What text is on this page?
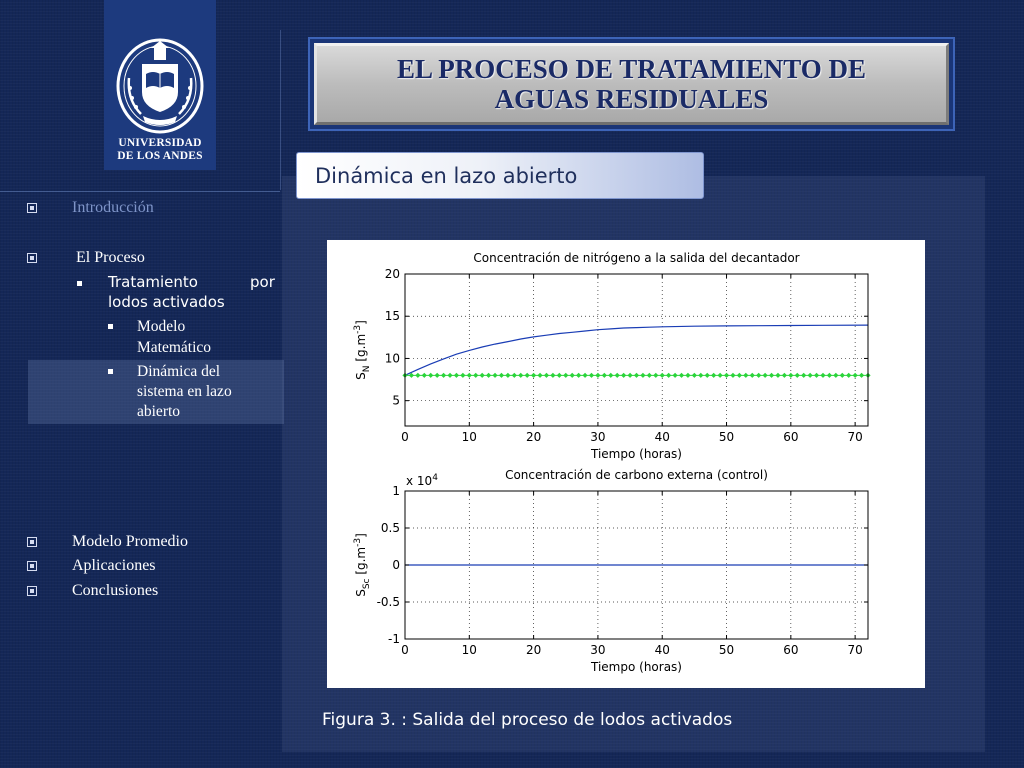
UNIVERSIDAD
DE LOS ANDES
EL PROCESO DE TRATAMIENTO DE
AGUAS RESIDUALES
Dinámica en lazo abierto
Introducción
El Proceso
Tratamiento	por
lodos activados
Modelo
Matemático
Dinámica del
sistema en lazo
abierto
Modelo Promedio
Aplicaciones
Conclusiones
0	10	20	30	40	50	60	70
5
10
15
20
Concentración de nitrógeno a la salida del decantador
Tiempo (horas)
$S_N$ $[g.m^{-3}]$
0	10	20	30	40	50	60	70
-1
-0.5
0
0.5
1
Concentración de carbono externa (control)
Tiempo (horas)
$S_{Sc}$ $[g.m^{-3}]$
x $10^4$
Figura 3. : Salida del proceso de lodos activados
